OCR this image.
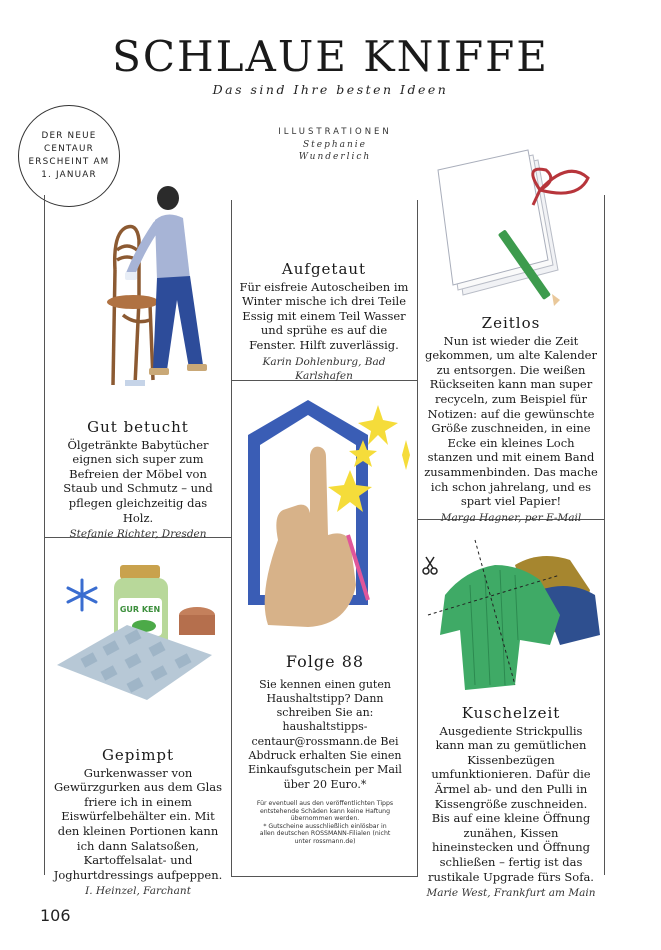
SCHLAUE KNIFFE
Das sind Ihre besten Ideen
DER NEUE
CENTAUR
ERSCHEINT AM
1. JANUAR
ILLUSTRATIONEN
Stephanie
Wunderlich
Gut betucht

Ölgetränkte Babytücher eignen sich super zum Befreien der Möbel von Staub und Schmutz – und pflegen gleichzeitig das Holz.

Stefanie Richter, Dresden

Aufgetaut

Für eisfreie Autoscheiben im Winter mische ich drei Teile Essig mit einem Teil Wasser und sprühe es auf die Fenster. Hilft zuverlässig.

Karin Dohlenburg, Bad Karlshafen

Zeitlos

Nun ist wieder die Zeit gekommen, um alte Kalender zu entsorgen. Die weißen Rückseiten kann man super recyceln, zum Beispiel für Notizen: auf die gewünschte Größe zuschneiden, in eine Ecke ein kleines Loch stanzen und mit einem Band zusammenbinden. Das mache ich schon jahrelang, und es spart viel Papier!

Marga Hagner, per E-Mail

Folge 88

Sie kennen einen guten Haushaltstipp? Dann schreiben Sie an: haushaltstipps-centaur@rossmann.de Bei Abdruck erhalten Sie einen Einkaufsgutschein per Mail über 20 Euro.*

Für eventuell aus den veröffentlichten Tipps entstehende Schäden kann keine Haftung übernommen werden.

* Gutscheine ausschließlich einlösbar in allen deutschen ROSSMANN-Filialen (nicht unter rossmann.de)

GUR KEN
Gepimpt

Gurkenwasser von Gewürzgurken aus dem Glas friere ich in einem Eiswürfelbehälter ein. Mit den kleinen Portionen kann ich dann Salatsoßen, Kartoffelsalat- und Joghurtdressings aufpeppen.

I. Heinzel, Farchant

Kuschelzeit

Ausgediente Strickpullis kann man zu gemütlichen Kissenbezügen umfunktionieren. Dafür die Ärmel ab- und den Pulli in Kissengröße zuschneiden. Bis auf eine kleine Öffnung zunähen, Kissen hineinstecken und Öffnung schließen – fertig ist das rustikale Upgrade fürs Sofa.

Marie West, Frankfurt am Main

106
